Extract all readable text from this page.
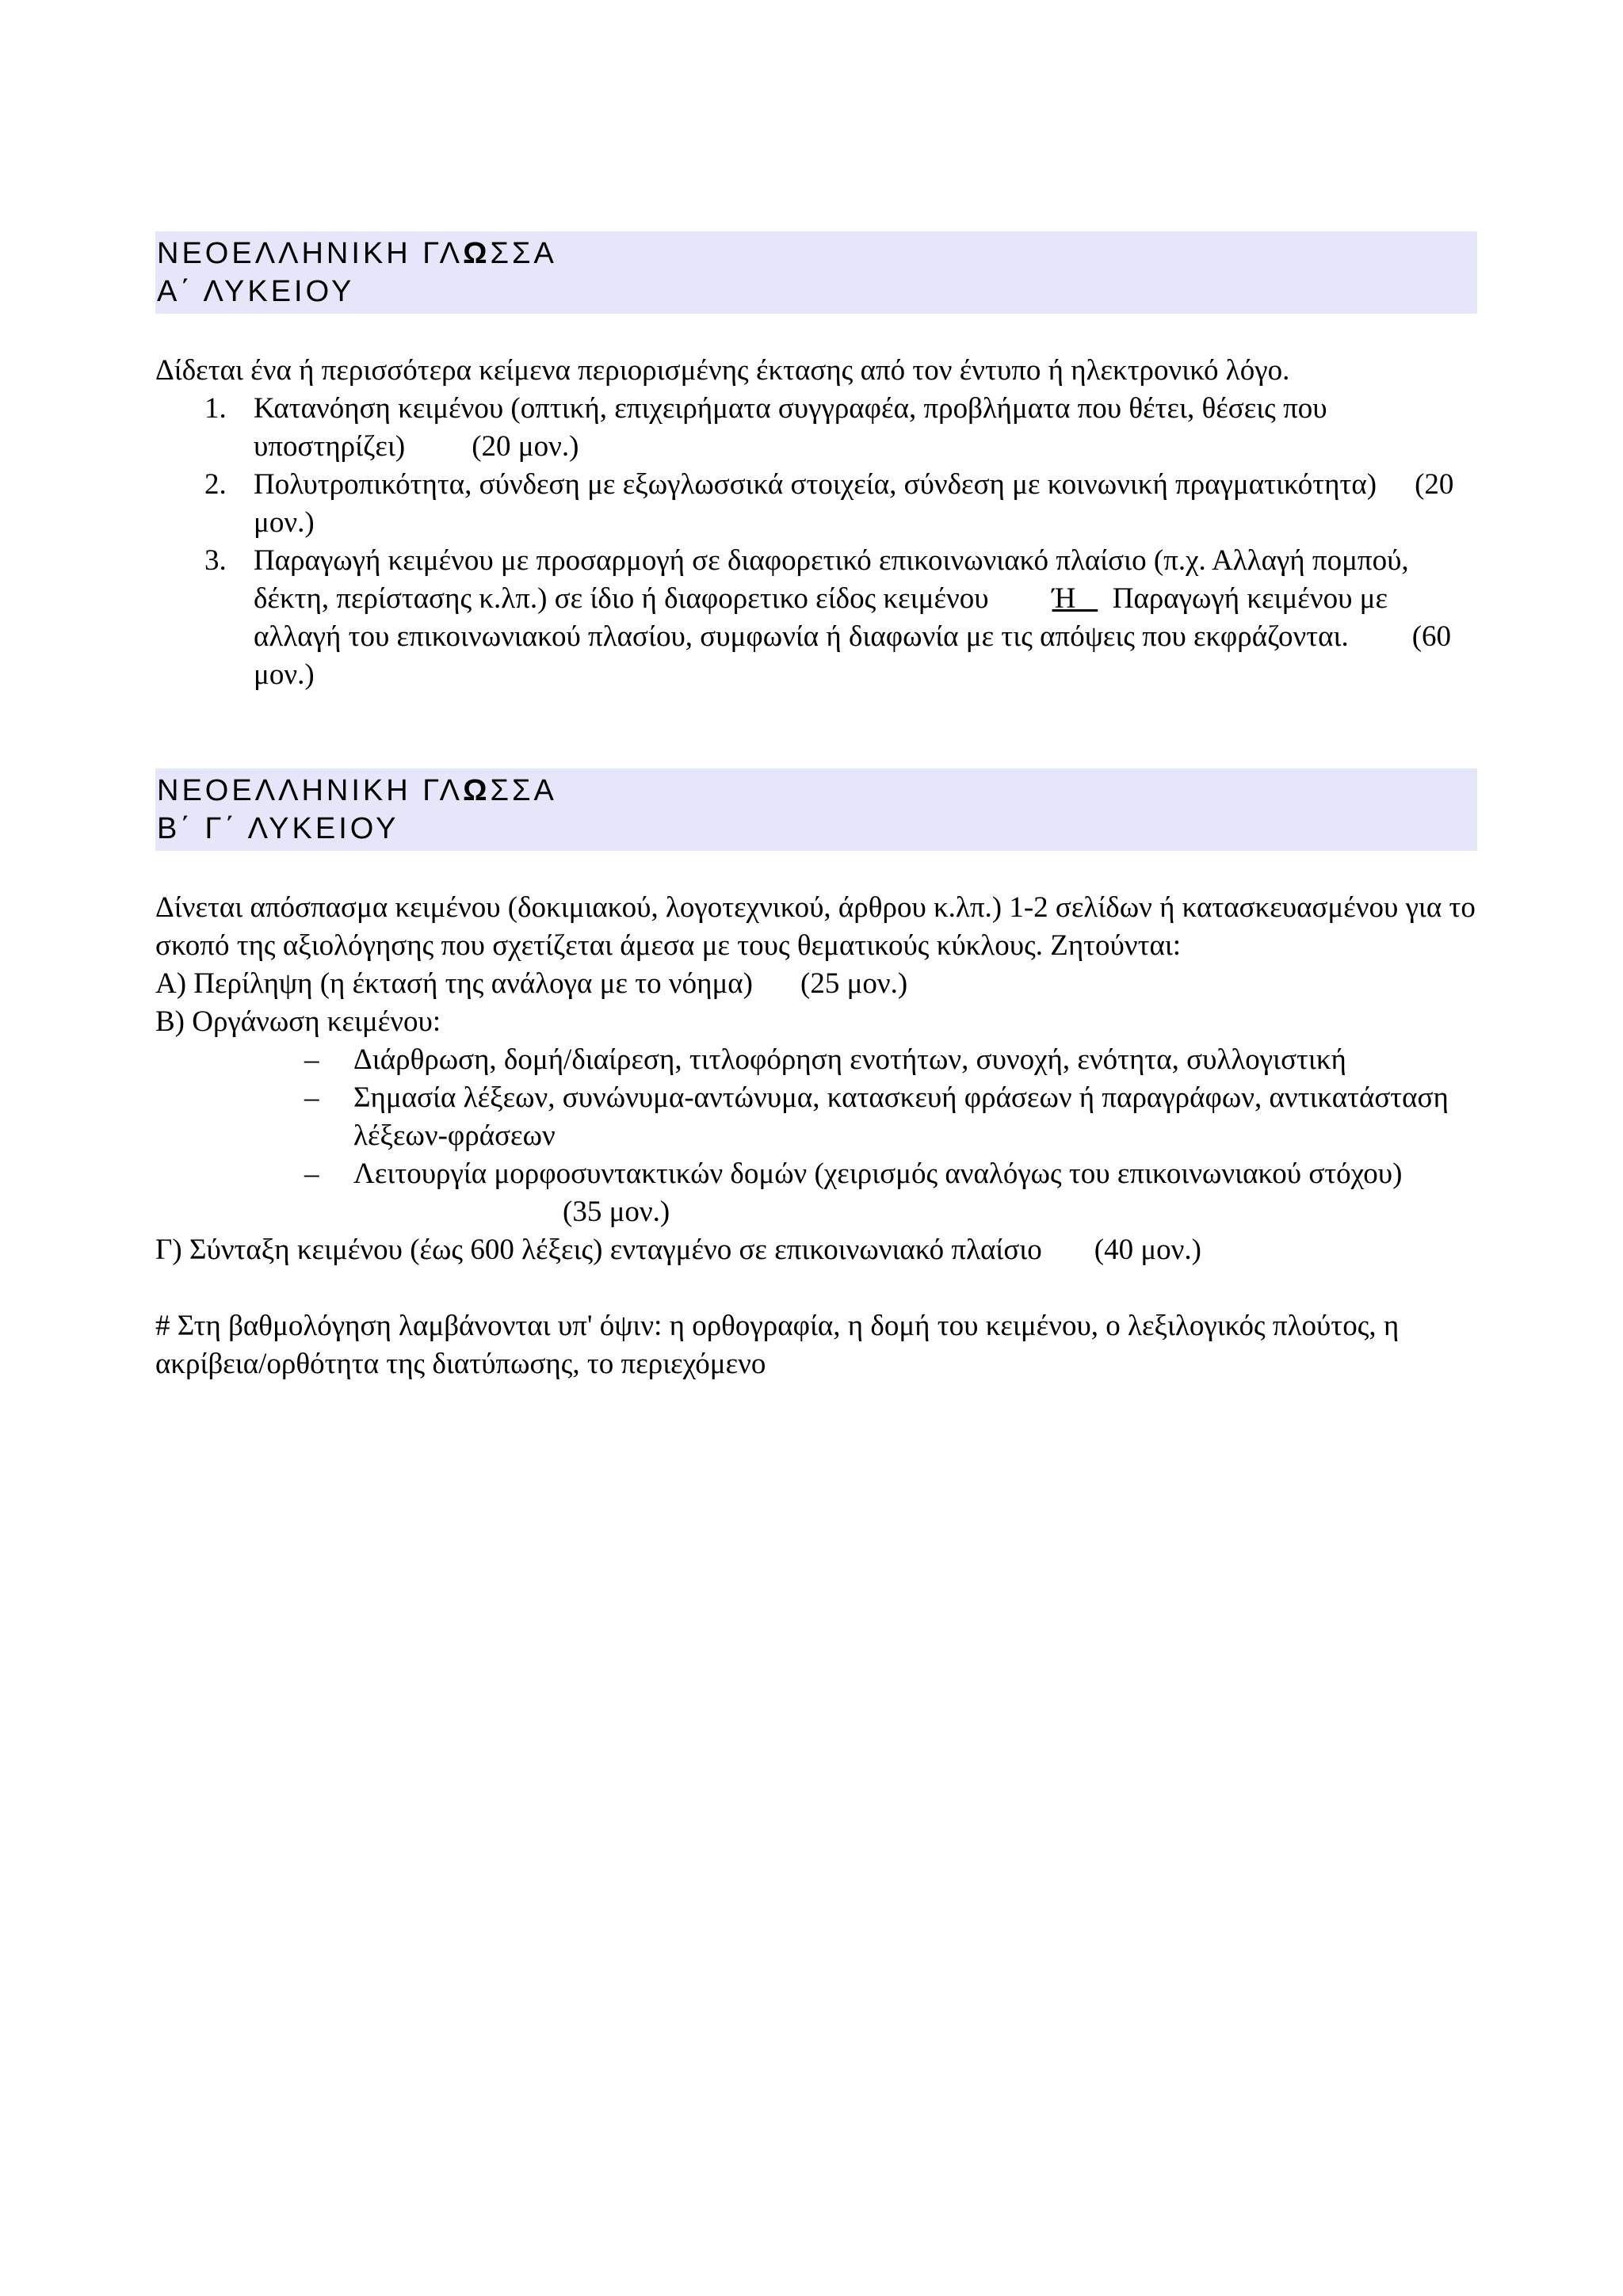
ΝΕΟΕΛΛΗΝΙΚΗ ΓΛΩΣΣΑ
Α΄ ΛΥΚΕΙΟΥ

Δίδεται ένα ή περισσότερα κείμενα περιορισμένης έκτασης από τον έντυπο ή ηλεκτρονικό λόγο.

1. Κατανόηση κειμένου (οπτική, επιχειρήματα συγγραφέα, προβλήματα που θέτει, θέσεις που υποστηρίζει) (20 μον.)
2. Πολυτροπικότητα, σύνδεση με εξωγλωσσικά στοιχεία, σύνδεση με κοινωνική πραγματικότητα) (20 μον.)
3. Παραγωγή κειμένου με προσαρμογή σε διαφορετικό επικοινωνιακό πλαίσιο (π.χ. Αλλαγή πομπού, δέκτη, περίστασης κ.λπ.) σε ίδιο ή διαφορετικο είδος κειμένου Ή Παραγωγή κειμένου με αλλαγή του επικοινωνιακού πλασίου, συμφωνία ή διαφωνία με τις απόψεις που εκφράζονται. (60 μον.)
ΝΕΟΕΛΛΗΝΙΚΗ ΓΛΩΣΣΑ
Β΄ Γ΄ ΛΥΚΕΙΟΥ

Δίνεται απόσπασμα κειμένου (δοκιμιακού, λογοτεχνικού, άρθρου κ.λπ.) 1-2 σελίδων ή κατασκευασμένου για το σκοπό της αξιολόγησης που σχετίζεται άμεσα με τους θεματικούς κύκλους. Ζητούνται:

Α) Περίληψη (η έκτασή της ανάλογα με το νόημα) (25 μον.)

Β) Οργάνωση κειμένου:

– Διάρθρωση, δομή/διαίρεση, τιτλοφόρηση ενοτήτων, συνοχή, ενότητα, συλλογιστική
– Σημασία λέξεων, συνώνυμα-αντώνυμα, κατασκευή φράσεων ή παραγράφων, αντικατάσταση λέξεων-φράσεων
– Λειτουργία μορφοσυντακτικών δομών (χειρισμός αναλόγως του επικοινωνιακού στόχου)(35 μον.)

Γ) Σύνταξη κειμένου (έως 600 λέξεις) ενταγμένο σε επικοινωνιακό πλαίσιο (40 μον.)

# Στη βαθμολόγηση λαμβάνονται υπ' όψιν: η ορθογραφία, η δομή του κειμένου, ο λεξιλογικός πλούτος, η ακρίβεια/ορθότητα της διατύπωσης, το περιεχόμενο
